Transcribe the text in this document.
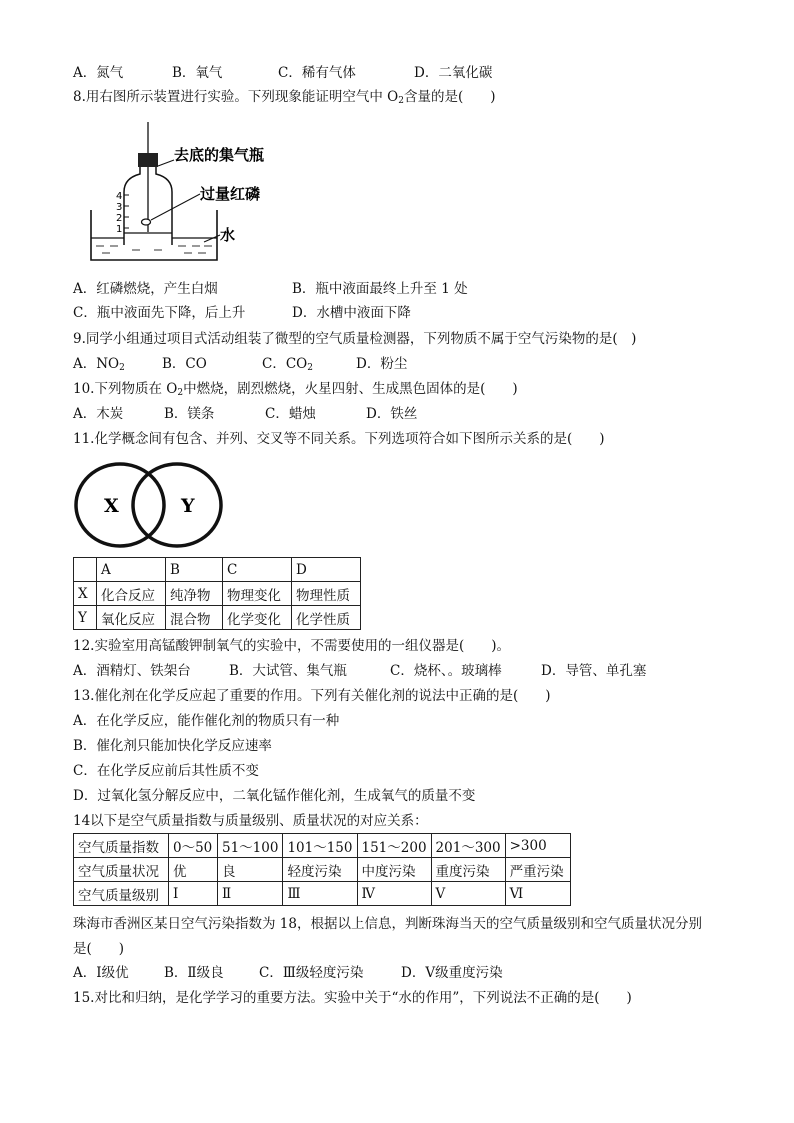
A．氮气	B．氧气	C．稀有气体	D．二氧化碳
8.用右图所示装置进行实验。下列现象能证明空气中 $O_2$含量的是(　　)
4
3
2
1
去底的集气瓶
过量红磷
水
A．红磷燃烧，产生白烟	B．瓶中液面最终上升至 1 处
C．瓶中液面先下降，后上升	D．水槽中液面下降
9.同学小组通过项目式活动组装了微型的空气质量检测器，下列物质不属于空气污染物的是(　)
A．$NO_2$	B．CO	C．$CO_2$	D．粉尘
10.下列物质在 $O_2$中燃烧，剧烈燃烧，火星四射、生成黑色固体的是(　　)
A．木炭	B．镁条	C．蜡烛	D．铁丝
11.化学概念间有包含、并列、交叉等不同关系。下列选项符合如下图所示关系的是(　　)
X	Y
	A	B	C	D
X	化合反应	纯净物	物理变化	物理性质
Y	氧化反应	混合物	化学变化	化学性质
12.实验室用高锰酸钾制氧气的实验中，不需要使用的一组仪器是(　　)。
A．酒精灯、铁架台	B．大试管、集气瓶	C．烧杯、。玻璃棒	D．导管、单孔塞
13.催化剂在化学反应起了重要的作用。下列有关催化剂的说法中正确的是(　　)
A．在化学反应，能作催化剂的物质只有一种
B．催化剂只能加快化学反应速率
C．在化学反应前后其性质不变
D．过氧化氢分解反应中，二氧化锰作催化剂，生成氧气的质量不变
14以下是空气质量指数与质量级别、质量状况的对应关系：
空气质量指数	0～50	51～100	101～150	151～200	201～300	>300
空气质量状况	优	良	轻度污染	中度污染	重度污染	严重污染
空气质量级别	I	Ⅱ	Ⅲ	Ⅳ	V	Ⅵ
珠海市香洲区某日空气污染指数为 18，根据以上信息，判断珠海当天的空气质量级别和空气质量状况分别
是(　　)
A．Ⅰ级优	B．Ⅱ级良	C．Ⅲ级轻度污染	D．Ⅴ级重度污染
15.对比和归纳，是化学学习的重要方法。实验中关于“水的作用”，下列说法不正确的是(　　)
